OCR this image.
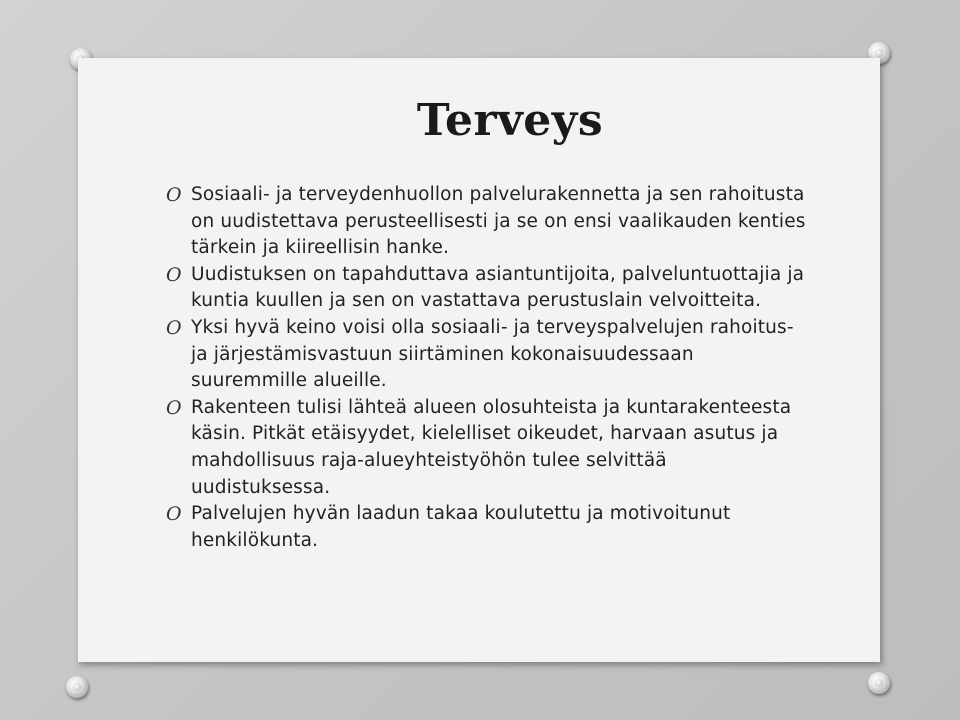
Terveys
O Sosiaali- ja terveydenhuollon palvelurakennetta ja sen rahoitusta on uudistettava perusteellisesti ja se on ensi vaalikauden kenties tärkein ja kiireellisin hanke.
O Uudistuksen on tapahduttava asiantuntijoita, palveluntuottajia ja kuntia kuullen ja sen on vastattava perustuslain velvoitteita.
O Yksi hyvä keino voisi olla sosiaali- ja terveyspalvelujen rahoitus- ja järjestämisvastuun siirtäminen kokonaisuudessaan suuremmille alueille.
O Rakenteen tulisi lähteä alueen olosuhteista ja kuntarakenteesta käsin. Pitkät etäisyydet, kielelliset oikeudet, harvaan asutus ja mahdollisuus raja-alueyhteistyöhön tulee selvittää uudistuksessa.
O Palvelujen hyvän laadun takaa koulutettu ja motivoitunut henkilökunta.
